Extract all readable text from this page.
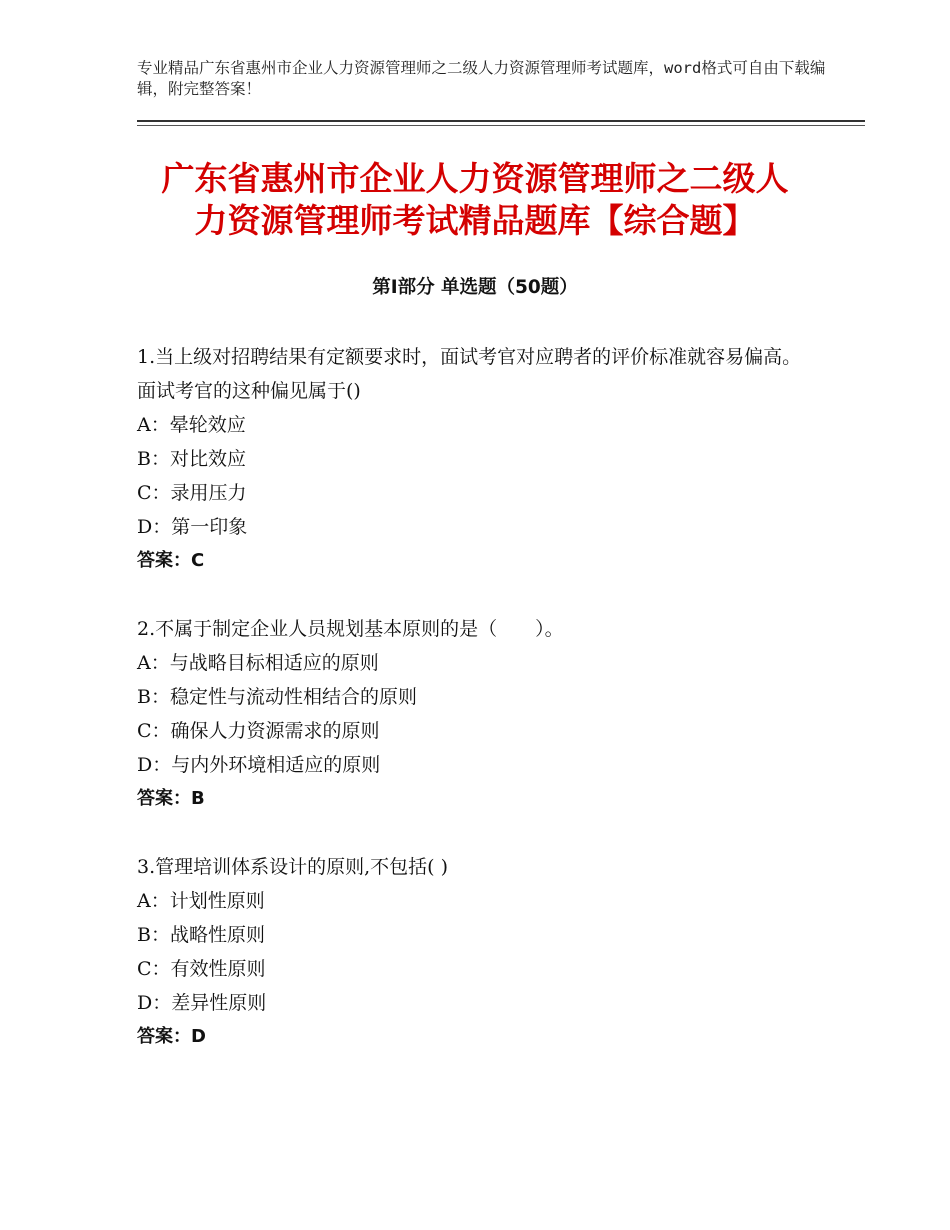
专业精品广东省惠州市企业人力资源管理师之二级人力资源管理师考试题库，word格式可自由下载编辑，附完整答案！
广东省惠州市企业人力资源管理师之二级人
力资源管理师考试精品题库【综合题】
第Ⅰ部分 单选题（50题）
1.当上级对招聘结果有定额要求时，面试考官对应聘者的评价标准就容易偏高。面试考官的这种偏见属于()
A：晕轮效应
B：对比效应
C：录用压力
D：第一印象
答案：C
2.不属于制定企业人员规划基本原则的是（　　）。
A：与战略目标相适应的原则
B：稳定性与流动性相结合的原则
C：确保人力资源需求的原则
D：与内外环境相适应的原则
答案：B
3.管理培训体系设计的原则,不包括( )
A：计划性原则
B：战略性原则
C：有效性原则
D：差异性原则
答案：D
